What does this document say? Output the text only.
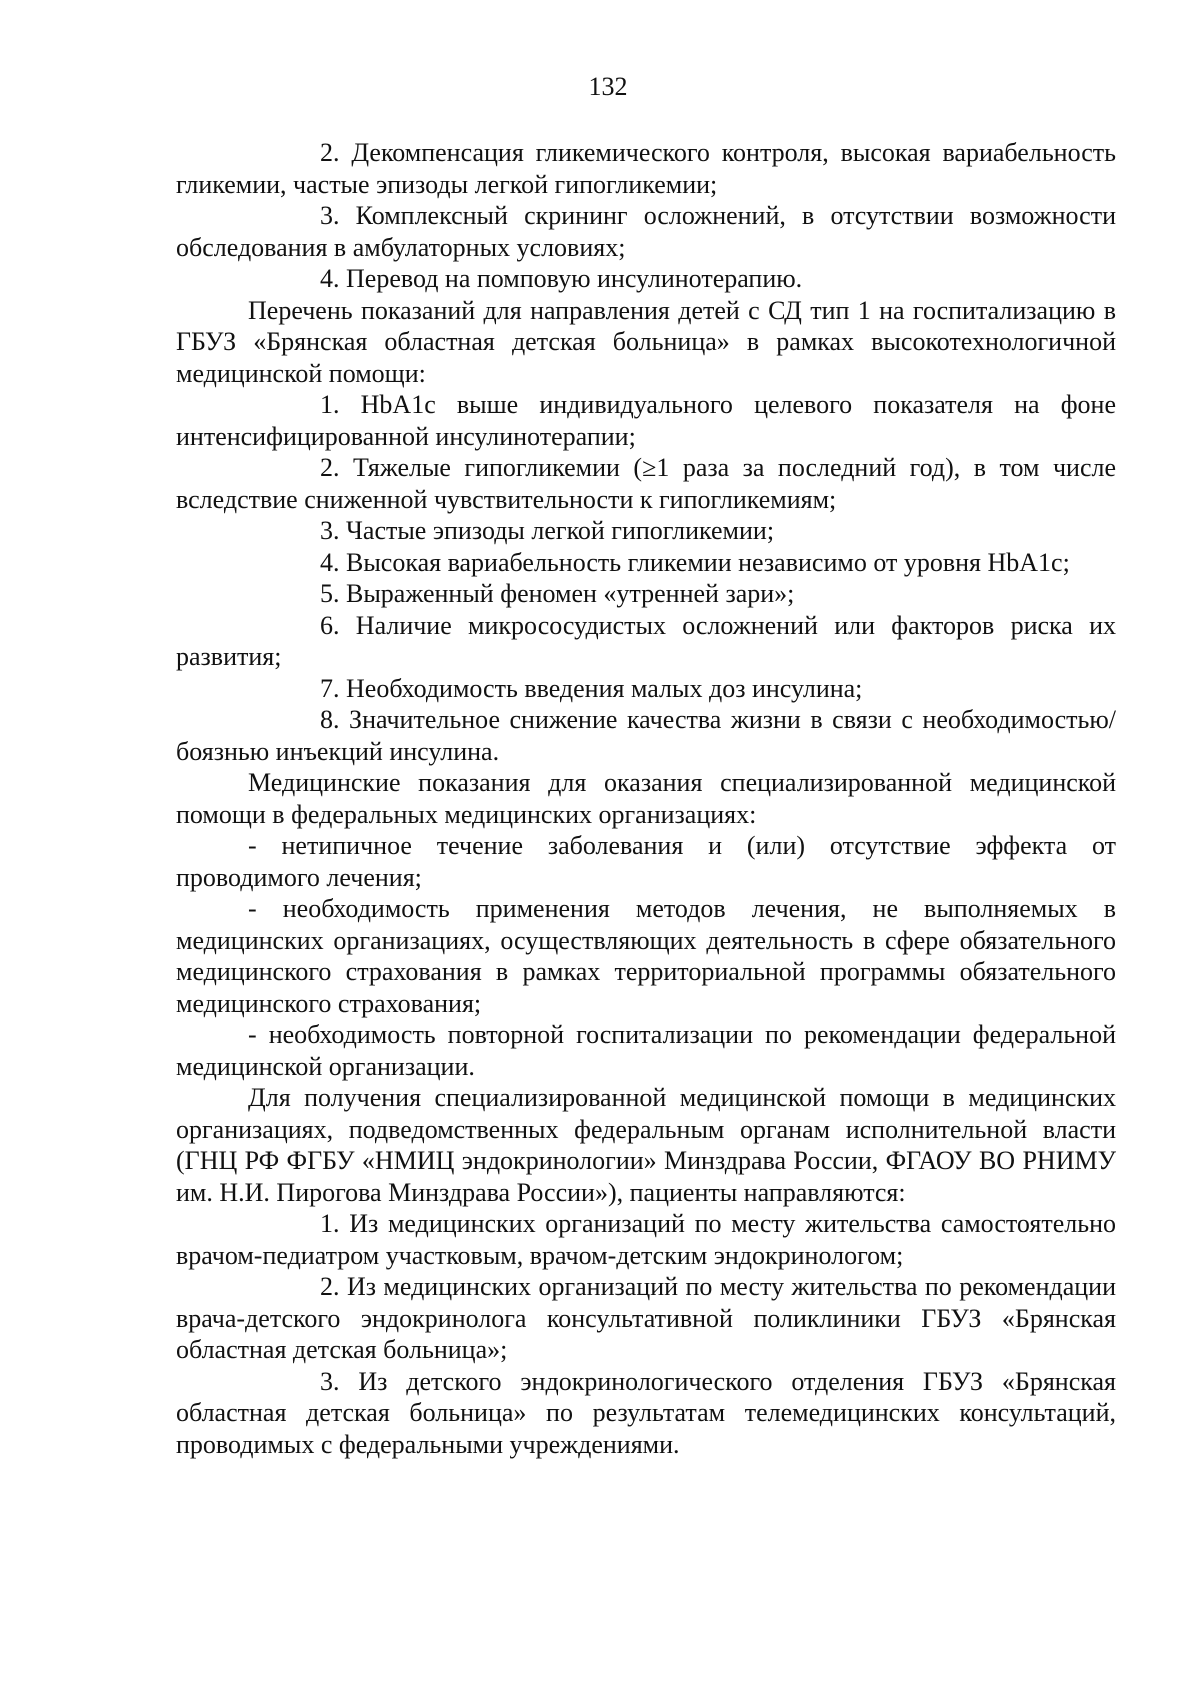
132

2. Декомпенсация гликемического контроля, высокая вариабельность гликемии, частые эпизоды легкой гипогликемии;

3. Комплексный скрининг осложнений, в отсутствии возможности обследования в амбулаторных условиях;

4. Перевод на помповую инсулинотерапию.

Перечень показаний для направления детей с СД тип 1 на госпитализацию в ГБУЗ «Брянская областная детская больница» в рамках высокотехнологичной медицинской помощи:

1. HbA1c выше индивидуального целевого показателя на фоне интенсифицированной инсулинотерапии;

2. Тяжелые гипогликемии (≥1 раза за последний год), в том числе вследствие сниженной чувствительности к гипогликемиям;

3. Частые эпизоды легкой гипогликемии;

4. Высокая вариабельность гликемии независимо от уровня HbA1c;

5. Выраженный феномен «утренней зари»;

6. Наличие микрососудистых осложнений или факторов риска их развития;

7. Необходимость введения малых доз инсулина;

8. Значительное снижение качества жизни в связи с необходимостью/боязнью инъекций инсулина.

Медицинские показания для оказания специализированной медицинской помощи в федеральных медицинских организациях:

- нетипичное течение заболевания и (или) отсутствие эффекта от проводимого лечения;

- необходимость применения методов лечения, не выполняемых в медицинских организациях, осуществляющих деятельность в сфере обязательного медицинского страхования в рамках территориальной программы обязательного медицинского страхования;

- необходимость повторной госпитализации по рекомендации федеральной медицинской организации.

Для получения специализированной медицинской помощи в медицинских организациях, подведомственных федеральным органам исполнительной власти (ГНЦ РФ ФГБУ «НМИЦ эндокринологии» Минздрава России, ФГАОУ ВО РНИМУ им. Н.И. Пирогова Минздрава России»), пациенты направляются:

1. Из медицинских организаций по месту жительства самостоятельно врачом-педиатром участковым, врачом-детским эндокринологом;

2. Из медицинских организаций по месту жительства по рекомендации врача-детского эндокринолога консультативной поликлиники ГБУЗ «Брянская областная детская больница»;

3. Из детского эндокринологического отделения ГБУЗ «Брянская областная детская больница» по результатам телемедицинских консультаций, проводимых с федеральными учреждениями.
